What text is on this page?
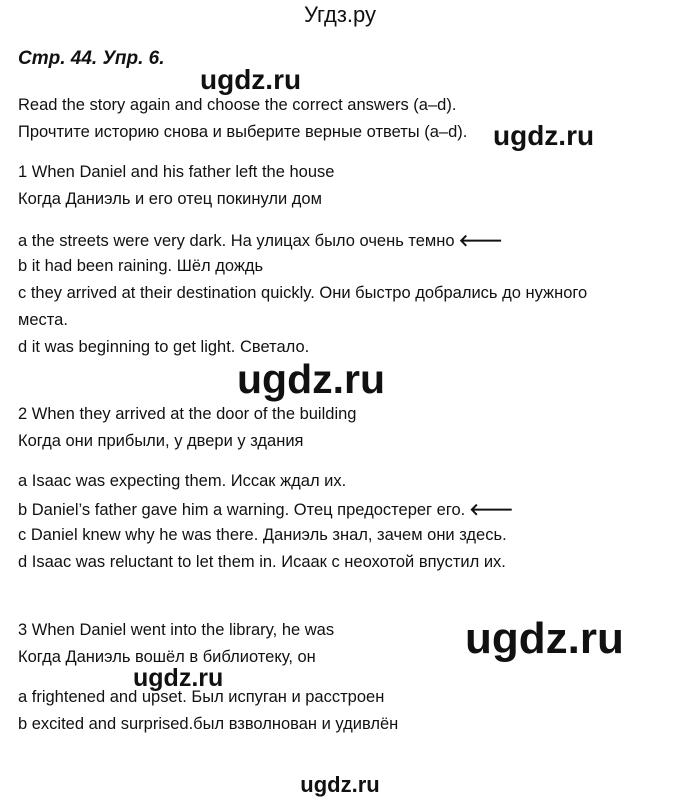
Угдз.ру
Стр. 44. Упр. 6.
ugdz.ru
Read the story again and choose the correct answers (a–d).
Прочтите историю снова и выберите верные ответы (a–d). ugdz.ru
1 When Daniel and his father left the house
Когда Даниэль и его отец покинули дом
a the streets were very dark. На улицах было очень темно 🡐
b it had been raining. Шёл дождь
c they arrived at their destination quickly. Они быстро добрались до нужного
места.
d it was beginning to get light. Светало.
ugdz.ru
2 When they arrived at the door of the building
Когда они прибыли, у двери у здания
a Isaac was expecting them. Иссак ждал их.
b Daniel’s father gave him a warning. Отец предостерег его. 🡐
c Daniel knew why he was there. Даниэль знал, зачем они здесь.
d Isaac was reluctant to let them in. Исаак с неохотой впустил их.
3 When Daniel went into the library, he was
Когда Даниэль вошёл в библиотеку, он	ugdz.ru
ugdz.ru
a frightened and upset. Был испуган и расстроен
b excited and surprised.был взволнован и удивлён
ugdz.ru
